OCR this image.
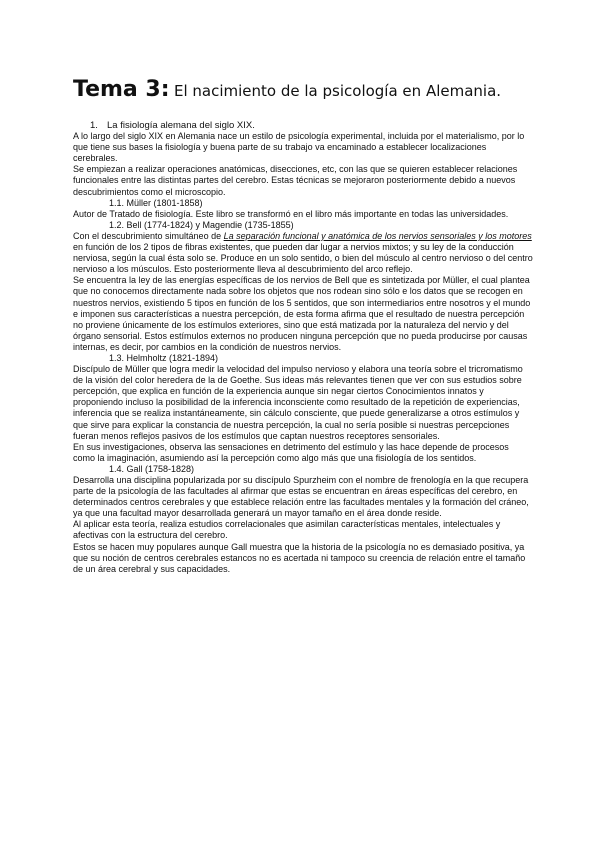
Tema 3: El nacimiento de la psicología en Alemania.

1. La fisiología alemana del siglo XIX.

A lo largo del siglo XIX en Alemania nace un estilo de psicología experimental, incluida por el materialismo, por lo que tiene sus bases la fisiología y buena parte de su trabajo va encaminado a establecer localizaciones cerebrales.

Se empiezan a realizar operaciones anatómicas, disecciones, etc, con las que se quieren establecer relaciones funcionales entre las distintas partes del cerebro. Estas técnicas se mejoraron posteriormente debido a nuevos descubrimientos como el microscopio.

1.1. Müller (1801-1858)

Autor de Tratado de fisiología. Este libro se transformó en el libro más importante en todas las universidades.

1.2. Bell (1774-1824) y Magendie (1735-1855)

Con el descubrimiento simultáneo de La separación funcional y anatómica de los nervios sensoriales y los motores en función de los 2 tipos de fibras existentes, que pueden dar lugar a nervios mixtos; y su ley de la conducción nerviosa, según la cual ésta solo se. Produce en un solo sentido, o bien del músculo al centro nervioso o del centro nervioso a los músculos. Esto posteriormente lleva al descubrimiento del arco reflejo.

Se encuentra la ley de las energías específicas de los nervios de Bell que es sintetizada por Müller, el cual plantea que no conocemos directamente nada sobre los objetos que nos rodean sino sólo e los datos que se recogen en nuestros nervios, existiendo 5 tipos en función de los 5 sentidos, que son intermediarios entre nosotros y el mundo e imponen sus características a nuestra percepción, de esta forma afirma que el resultado de nuestra percepción no proviene únicamente de los estímulos exteriores, sino que está matizada por la naturaleza del nervio y del órgano sensorial. Estos estímulos externos no producen ninguna percepción que no pueda producirse por causas internas, es decir, por cambios en la condición de nuestros nervios.

1.3. Helmholtz (1821-1894)

Discípulo de Müller que logra medir la velocidad del impulso nervioso y elabora una teoría sobre el tricromatismo de la visión del color heredera de la de Goethe. Sus ideas más relevantes tienen que ver con sus estudios sobre percepción, que explica en función de la experiencia aunque sin negar ciertos Conocimientos innatos y proponiendo incluso la posibilidad de la inferencia inconsciente como resultado de la repetición de experiencias, inferencia que se realiza instantáneamente, sin cálculo consciente, que puede generalizarse a otros estímulos y que sirve para explicar la constancia de nuestra percepción, la cual no sería posible si nuestras percepciones fueran menos reflejos pasivos de los estímulos que captan nuestros receptores sensoriales.

En sus investigaciones, observa las sensaciones en detrimento del estímulo y las hace depende de procesos como la imaginación, asumiendo así la percepción como algo más que una fisiología de los sentidos.

1.4. Gall (1758-1828)

Desarrolla una disciplina popularizada por su discípulo Spurzheim con el nombre de frenología en la que recupera parte de la psicología de las facultades al afirmar que estas se encuentran en áreas específicas del cerebro, en determinados centros cerebrales y que establece relación entre las facultades mentales y la formación del cráneo, ya que una facultad mayor desarrollada generará un mayor tamaño en el área donde reside.

Al aplicar esta teoría, realiza estudios correlacionales que asimilan características mentales, intelectuales y afectivas con la estructura del cerebro.

Estos se hacen muy populares aunque Gall muestra que la historia de la psicología no es demasiado positiva, ya que su noción de centros cerebrales estancos no es acertada ni tampoco su creencia de relación entre el tamaño de un área cerebral y sus capacidades.
